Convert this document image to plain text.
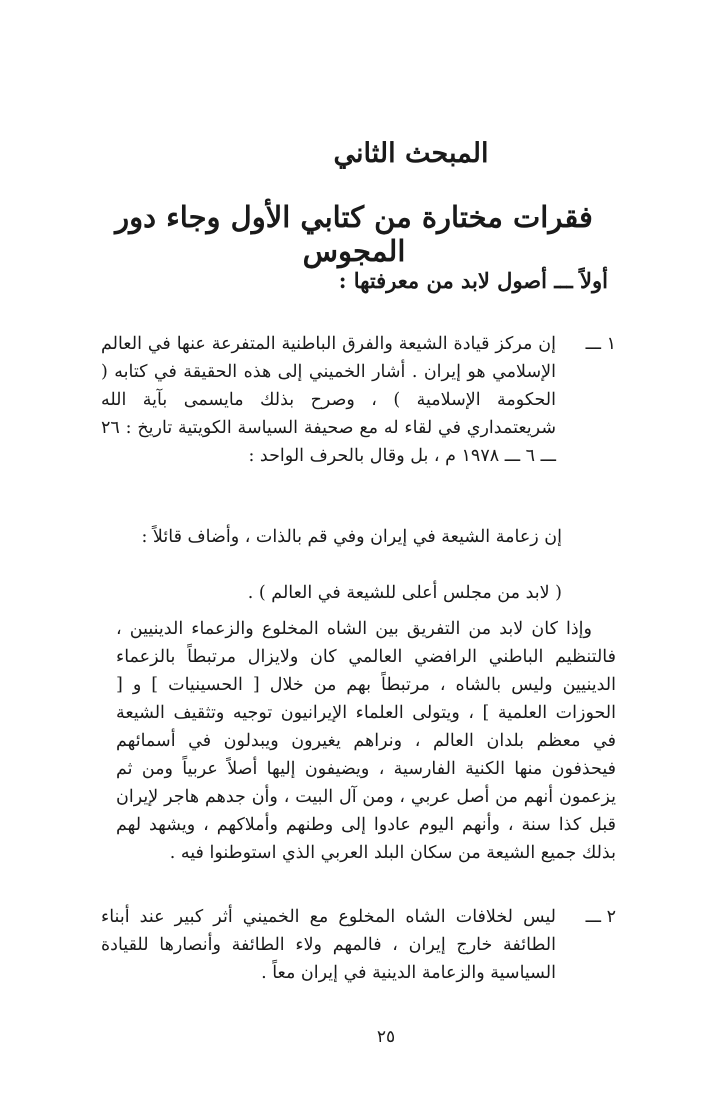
المبحث الثاني
فقرات مختارة من كتابي الأول وجاء دور المجوس
أولاً ـــ أصول لابد من معرفتها :
١ ـــ

إن مركز قيادة الشيعة والفرق الباطنية المتفرعة عنها في العالم الإسلامي هو إيران . أشار الخميني إلى هذه الحقيقة في كتابه ( الحكومة الإسلامية ) ، وصرح بذلك مايسمى بآية الله شريعتمداري في لقاء له مع صحيفة السياسة الكويتية تاريخ : ٢٦ ـــ ٦ ـــ ١٩٧٨ م ، بل وقال بالحرف الواحد :

إن زعامة الشيعة في إيران وفي قم بالذات ، وأضاف قائلاً :

( لابد من مجلس أعلى للشيعة في العالم ) .

وإذا كان لابد من التفريق بين الشاه المخلوع والزعماء الدينيين ، فالتنظيم الباطني الرافضي العالمي كان ولايزال مرتبطاً بالزعماء الدينيين وليس بالشاه ، مرتبطاً بهم من خلال [ الحسينيات ] و [ الحوزات العلمية ] ، ويتولى العلماء الإيرانيون توجيه وتثقيف الشيعة في معظم بلدان العالم ، ونراهم يغيرون ويبدلون في أسمائهم فيحذفون منها الكنية الفارسية ، ويضيفون إليها أصلاً عربياً ومن ثم يزعمون أنهم من أصل عربي ، ومن آل البيت ، وأن جدهم هاجر لإيران قبل كذا سنة ، وأنهم اليوم عادوا إلى وطنهم وأملاكهم ، ويشهد لهم بذلك جميع الشيعة من سكان البلد العربي الذي استوطنوا فيه .

٢ ـــ

ليس لخلافات الشاه المخلوع مع الخميني أثر كبير عند أبناء الطائفة خارج إيران ، فالمهم ولاء الطائفة وأنصارها للقيادة السياسية والزعامة الدينية في إيران معاً .

٢٥
